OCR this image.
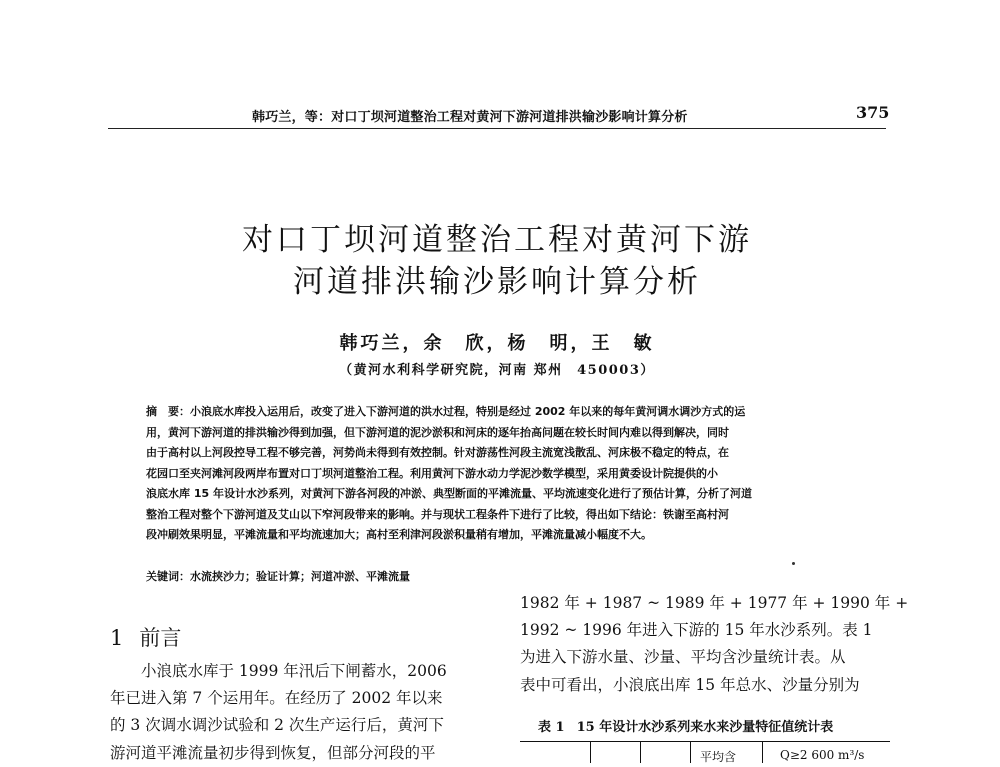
韩巧兰，等：对口丁坝河道整治工程对黄河下游河道排洪输沙影响计算分析	375
对口丁坝河道整治工程对黄河下游
河道排洪输沙影响计算分析
韩巧兰，余　欣，杨　明，王　敏
（黄河水利科学研究院，河南 郑州　450003）
摘　要：小浪底水库投入运用后，改变了进入下游河道的洪水过程，特别是经过 2002 年以来的每年黄河调水调沙方式的运
用，黄河下游河道的排洪输沙得到加强，但下游河道的泥沙淤积和河床的逐年抬高问题在较长时间内难以得到解决，同时
由于高村以上河段控导工程不够完善，河势尚未得到有效控制。针对游荡性河段主流宽浅散乱、河床极不稳定的特点，在
花园口至夹河滩河段两岸布置对口丁坝河道整治工程。利用黄河下游水动力学泥沙数学模型，采用黄委设计院提供的小
浪底水库 15 年设计水沙系列，对黄河下游各河段的冲淤、典型断面的平滩流量、平均流速变化进行了预估计算，分析了河道
整治工程对整个下游河道及艾山以下窄河段带来的影响。并与现状工程条件下进行了比较，得出如下结论：铁谢至高村河
段冲刷效果明显，平滩流量和平均流速加大；高村至利津河段淤积量稍有增加，平滩流量减小幅度不大。
关键词：水流挟沙力；验证计算；河道冲淤、平滩流量
1 前言
　　小浪底水库于 1999 年汛后下闸蓄水，2006
年已进入第 7 个运用年。在经历了 2002 年以来
的 3 次调水调沙试验和 2 次生产运行后，黄河下
游河道平滩流量初步得到恢复，但部分河段的平
1982 年 + 1987 ~ 1989 年 + 1977 年 + 1990 年 +
1992 ~ 1996 年进入下游的 15 年水沙系列。表 1
为进入下游水量、沙量、平均含沙量统计表。从
表中可看出，小浪底出库 15 年总水、沙量分别为
表 1 15 年设计水沙系列来水来沙量特征值统计表
平均含	Q≥2 600 m³/s
